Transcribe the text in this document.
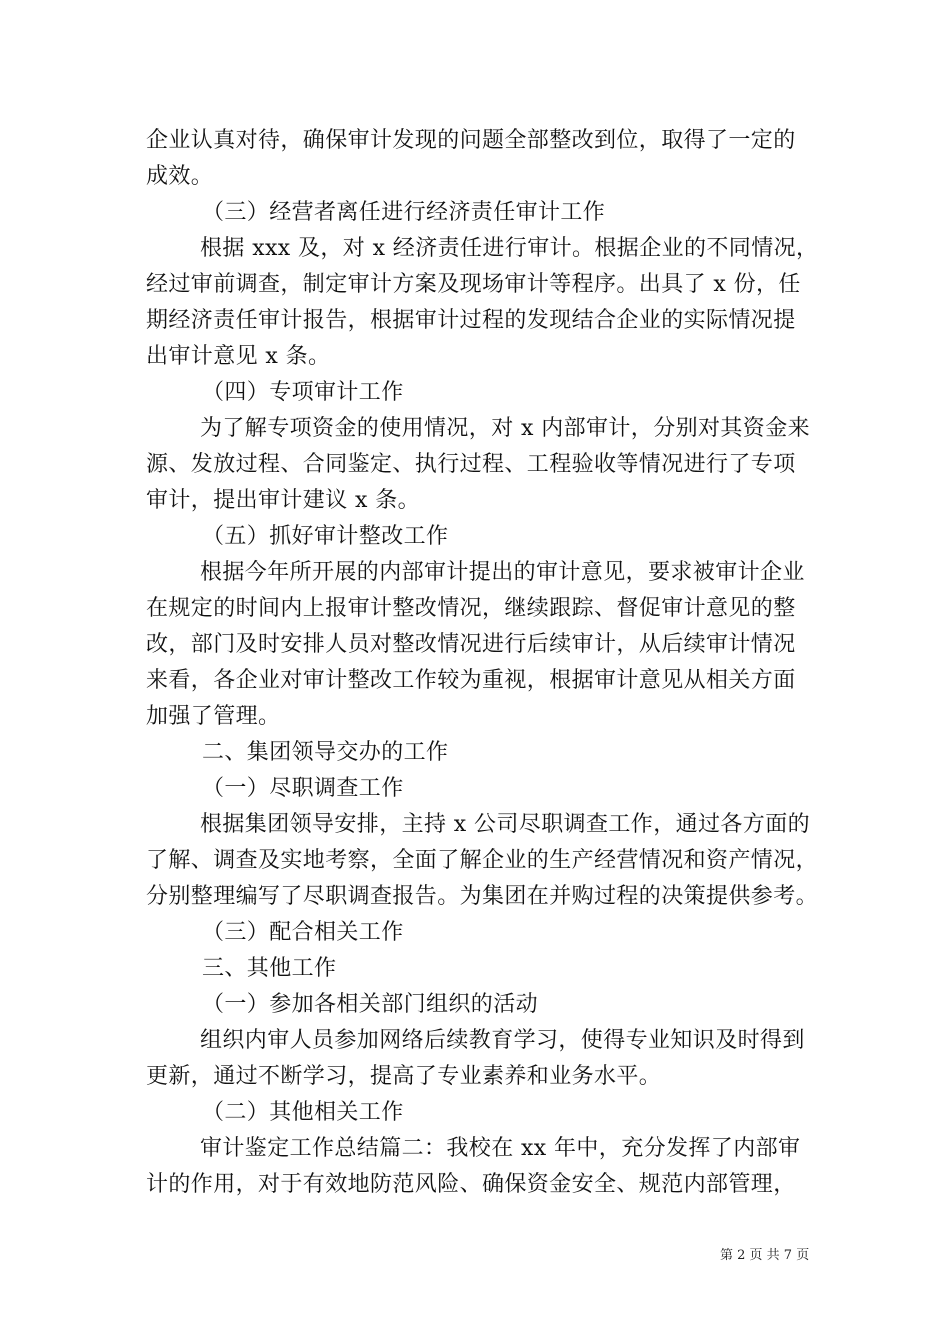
企业认真对待，确保审计发现的问题全部整改到位，取得了一定的
成效。
（三）经营者离任进行经济责任审计工作
根据 xxx 及，对 x 经济责任进行审计。根据企业的不同情况，
经过审前调查，制定审计方案及现场审计等程序。出具了 x 份，任
期经济责任审计报告，根据审计过程的发现结合企业的实际情况提
出审计意见 x 条。
（四）专项审计工作
为了解专项资金的使用情况，对 x 内部审计，分别对其资金来
源、发放过程、合同鉴定、执行过程、工程验收等情况进行了专项
审计，提出审计建议 x 条。
（五）抓好审计整改工作
根据今年所开展的内部审计提出的审计意见，要求被审计企业
在规定的时间内上报审计整改情况，继续跟踪、督促审计意见的整
改，部门及时安排人员对整改情况进行后续审计，从后续审计情况
来看，各企业对审计整改工作较为重视，根据审计意见从相关方面
加强了管理。
二、集团领导交办的工作
（一）尽职调查工作
根据集团领导安排，主持 x 公司尽职调查工作，通过各方面的
了解、调查及实地考察，全面了解企业的生产经营情况和资产情况，
分别整理编写了尽职调查报告。为集团在并购过程的决策提供参考。
（三）配合相关工作
三、其他工作
（一）参加各相关部门组织的活动
组织内审人员参加网络后续教育学习，使得专业知识及时得到
更新，通过不断学习，提高了专业素养和业务水平。
（二）其他相关工作
审计鉴定工作总结篇二：我校在 xx 年中，充分发挥了内部审
计的作用，对于有效地防范风险、确保资金安全、规范内部管理，
第 2 页 共 7 页
